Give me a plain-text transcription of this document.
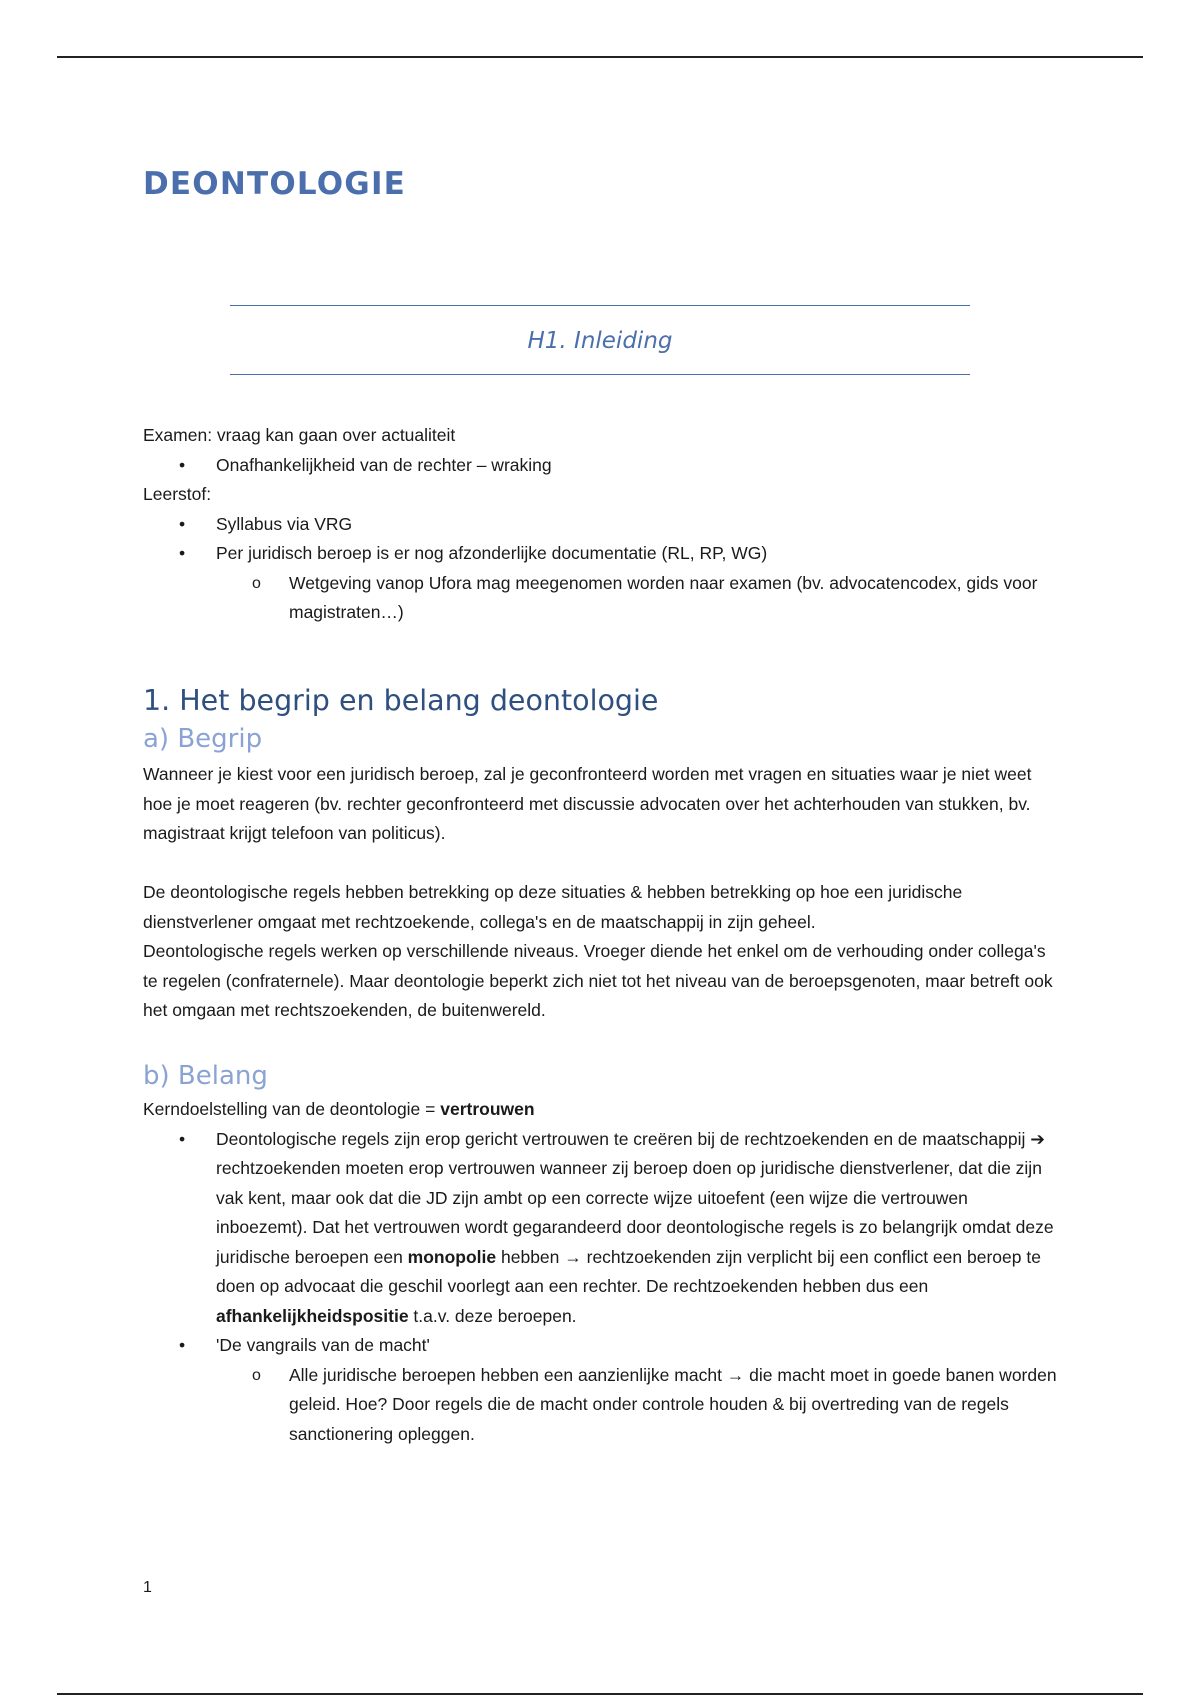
DEONTOLOGIE

H1. Inleiding

Examen: vraag kan gaan over actualiteit

• Onafhankelijkheid van de rechter – wraking

Leerstof:

• Syllabus via VRG
• Per juridisch beroep is er nog afzonderlijke documentatie (RL, RP, WG)
o Wetgeving vanop Ufora mag meegenomen worden naar examen (bv. advocatencodex, gids voor magistraten…)
1. Het begrip en belang deontologie
a) Begrip

Wanneer je kiest voor een juridisch beroep, zal je geconfronteerd worden met vragen en situaties waar je niet weet hoe je moet reageren (bv. rechter geconfronteerd met discussie advocaten over het achterhouden van stukken, bv. magistraat krijgt telefoon van politicus).

De deontologische regels hebben betrekking op deze situaties & hebben betrekking op hoe een juridische dienstverlener omgaat met rechtzoekende, collega's en de maatschappij in zijn geheel.

Deontologische regels werken op verschillende niveaus. Vroeger diende het enkel om de verhouding onder collega's te regelen (confraternele). Maar deontologie beperkt zich niet tot het niveau van de beroepsgenoten, maar betreft ook het omgaan met rechtszoekenden, de buitenwereld.

b) Belang

Kerndoelstelling van de deontologie = vertrouwen

• Deontologische regels zijn erop gericht vertrouwen te creëren bij de rechtzoekenden en de maatschappij ➔ rechtzoekenden moeten erop vertrouwen wanneer zij beroep doen op juridische dienstverlener, dat die zijn vak kent, maar ook dat die JD zijn ambt op een correcte wijze uitoefent (een wijze die vertrouwen inboezemt). Dat het vertrouwen wordt gegarandeerd door deontologische regels is zo belangrijk omdat deze juridische beroepen een monopolie hebben → rechtzoekenden zijn verplicht bij een conflict een beroep te doen op advocaat die geschil voorlegt aan een rechter. De rechtzoekenden hebben dus een afhankelijkheidspositie t.a.v. deze beroepen.
• 'De vangrails van de macht'
o Alle juridische beroepen hebben een aanzienlijke macht → die macht moet in goede banen worden geleid. Hoe? Door regels die de macht onder controle houden & bij overtreding van de regels sanctionering opleggen.
1
